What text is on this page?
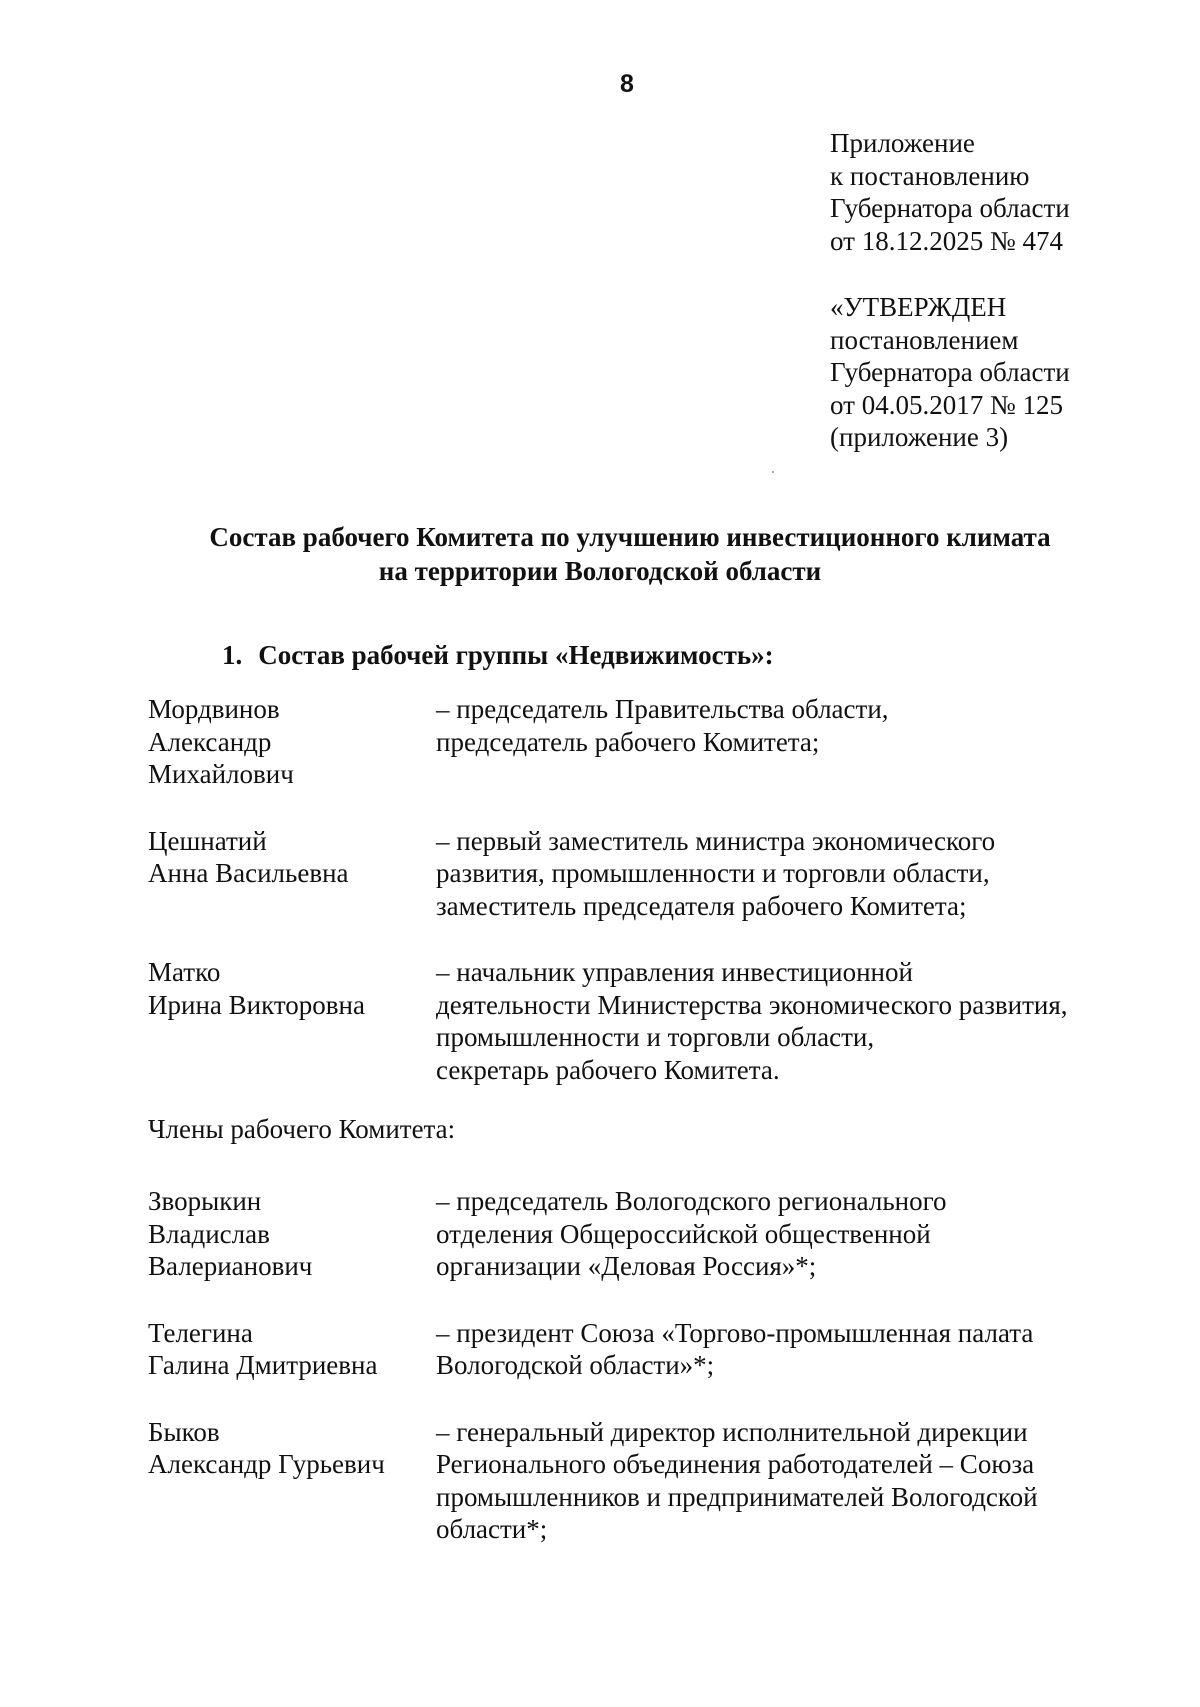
8
Приложение
к постановлению
Губернатора области
от 18.12.2025 № 474
«УТВЕРЖДЕН
постановлением
Губернатора области
от 04.05.2017 № 125
(приложение 3)
Состав рабочего Комитета по улучшению инвестиционного климата
на территории Вологодской области
1. Состав рабочей группы «Недвижимость»:
Мордвинов
Александр
Михайлович
– председатель Правительства области,
председатель рабочего Комитета;
Цешнатий
Анна Васильевна
– первый заместитель министра экономического
развития, промышленности и торговли области,
заместитель председателя рабочего Комитета;
Матко
Ирина Викторовна
– начальник управления инвестиционной
деятельности Министерства экономического развития,
промышленности и торговли области,
секретарь рабочего Комитета.
Члены рабочего Комитета:
Зворыкин
Владислав
Валерианович
– председатель Вологодского регионального
отделения Общероссийской общественной
организации «Деловая Россия»*;
Телегина
Галина Дмитриевна
– президент Союза «Торгово-промышленная палата
Вологодской области»*;
Быков
Александр Гурьевич
– генеральный директор исполнительной дирекции
Регионального объединения работодателей – Союза
промышленников и предпринимателей Вологодской
области*;
